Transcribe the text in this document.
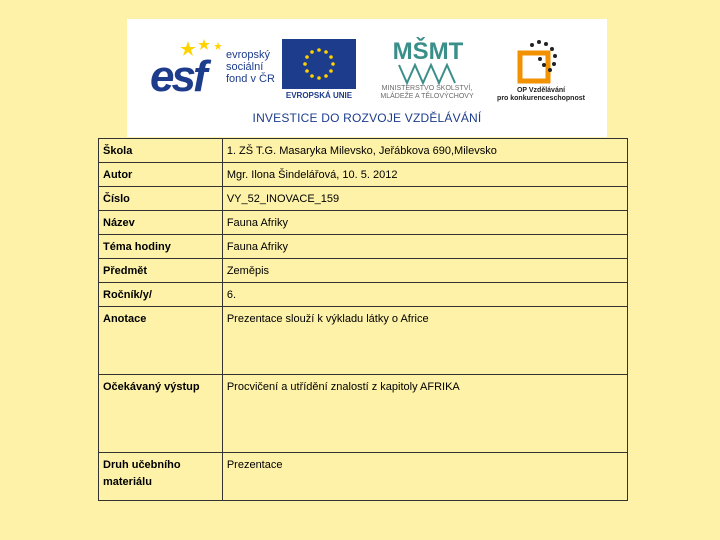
esf evropský
sociální
fond v ČR
EVROPSKÁ UNIE
MŠMT
MINISTERSTVO ŠKOLSTVÍ,
MLÁDEŽE A TĚLOVÝCHOVY
OP Vzdělávání
pro konkurenceschopnost
INVESTICE DO ROZVOJE VZDĚLÁVÁNÍ
Škola	1. ZŠ T.G. Masaryka Milevsko, Jeřábkova 690,Milevsko
Autor	Mgr. Ilona Šindelářová, 10. 5. 2012
Číslo	VY_52_INOVACE_159
Název	Fauna Afriky
Téma hodiny	Fauna Afriky
Předmět	Zeměpis
Ročník/y/	6.
Anotace	Prezentace slouží k výkladu látky o Africe
Očekávaný výstup	Procvičení a utřídění znalostí z kapitoly AFRIKA
Druh učebního materiálu	Prezentace
